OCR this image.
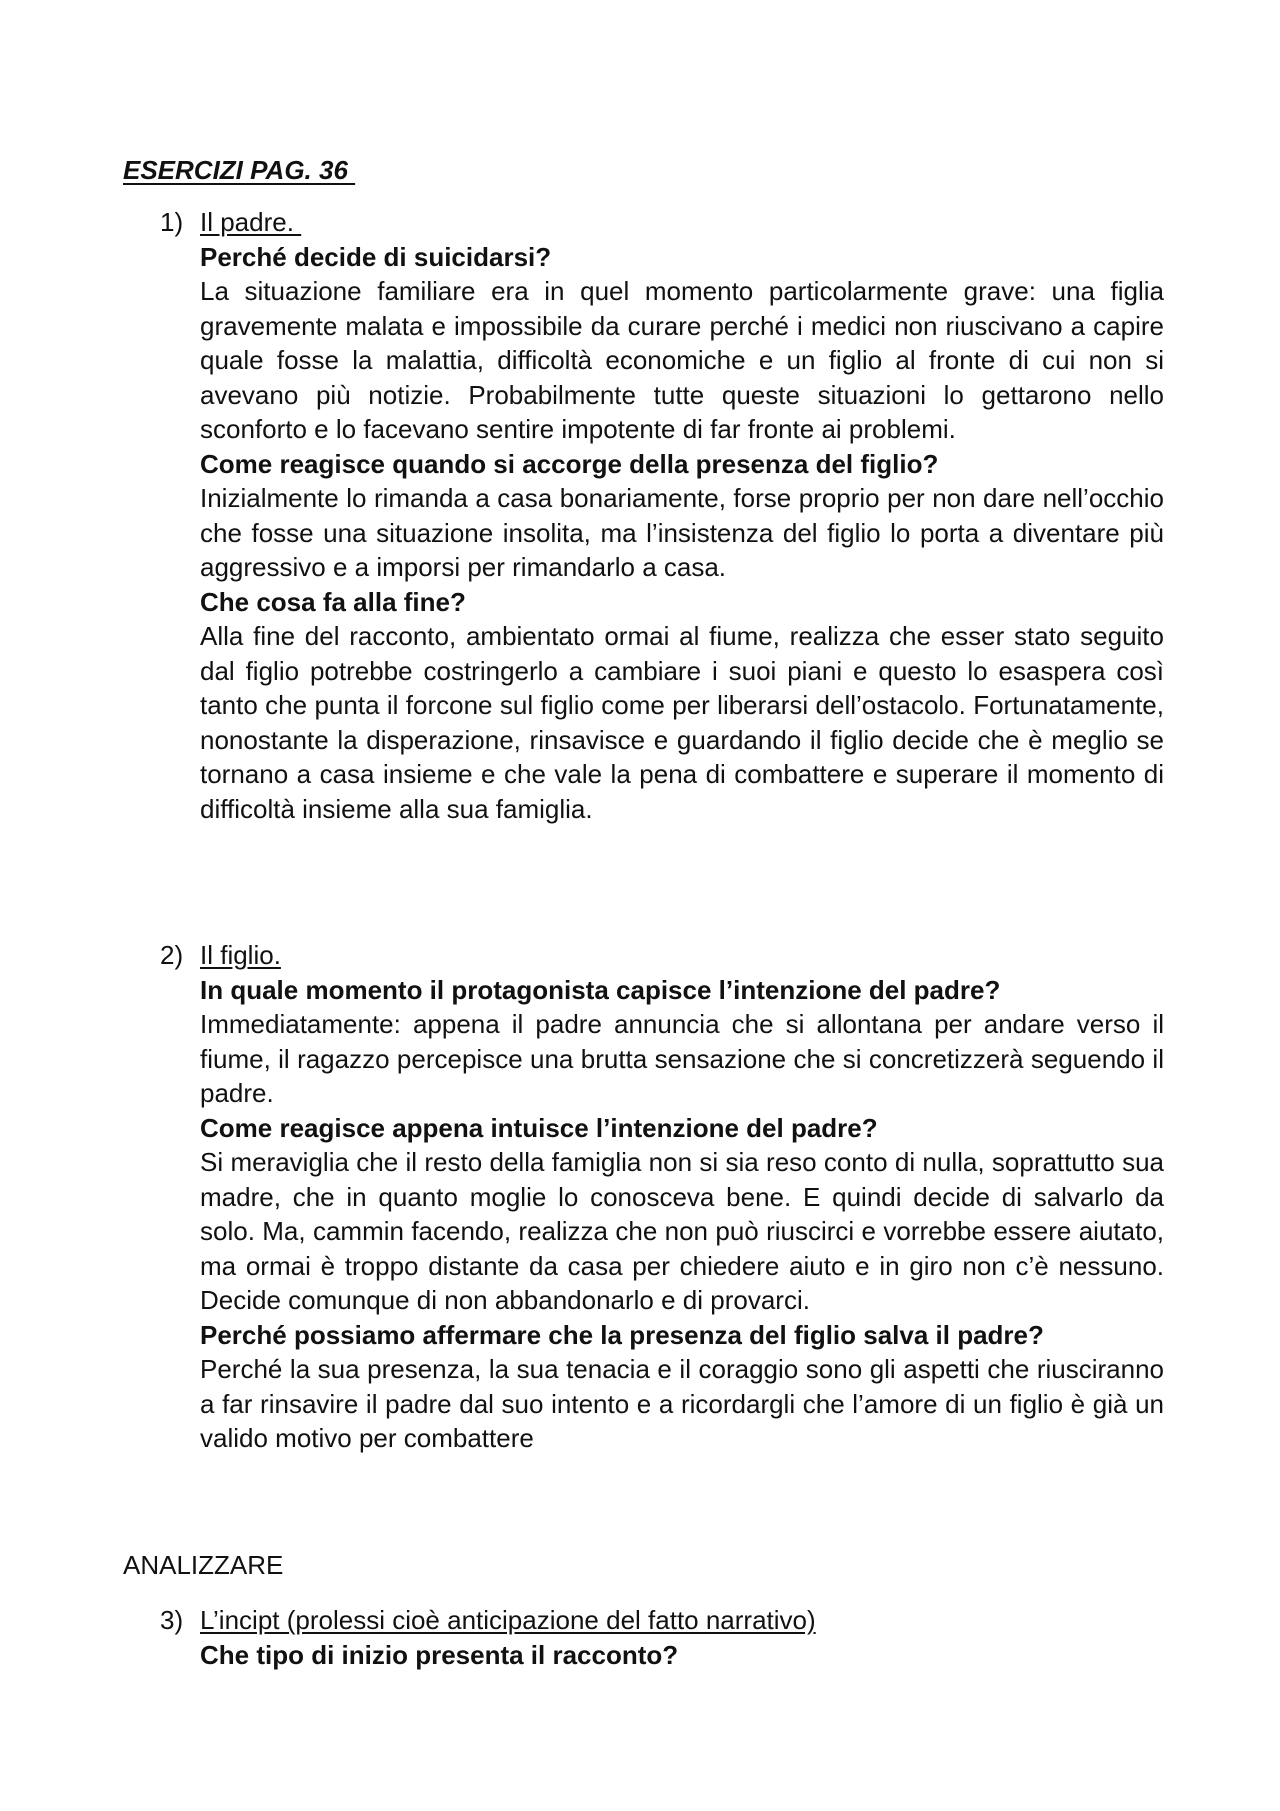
ESERCIZI PAG. 36
1) Il padre.
Perché decide di suicidarsi?

La situazione familiare era in quel momento particolarmente grave: una figlia gravemente malata e impossibile da curare perché i medici non riuscivano a capire quale fosse la malattia, difficoltà economiche e un figlio al fronte di cui non si avevano più notizie. Probabilmente tutte queste situazioni lo gettarono nello sconforto e lo facevano sentire impotente di far fronte ai problemi.

Come reagisce quando si accorge della presenza del figlio?

Inizialmente lo rimanda a casa bonariamente, forse proprio per non dare nell’occhio che fosse una situazione insolita, ma l’insistenza del figlio lo porta a diventare più aggressivo e a imporsi per rimandarlo a casa.

Che cosa fa alla fine?

Alla fine del racconto, ambientato ormai al fiume, realizza che esser stato seguito dal figlio potrebbe costringerlo a cambiare i suoi piani e questo lo esaspera così tanto che punta il forcone sul figlio come per liberarsi dell’ostacolo. Fortunatamente, nonostante la disperazione, rinsavisce e guardando il figlio decide che è meglio se tornano a casa insieme e che vale la pena di combattere e superare il momento di difficoltà insieme alla sua famiglia.

2) Il figlio.
In quale momento il protagonista capisce l’intenzione del padre?

Immediatamente: appena il padre annuncia che si allontana per andare verso il fiume, il ragazzo percepisce una brutta sensazione che si concretizzerà seguendo il padre.

Come reagisce appena intuisce l’intenzione del padre?

Si meraviglia che il resto della famiglia non si sia reso conto di nulla, soprattutto sua madre, che in quanto moglie lo conosceva bene. E quindi decide di salvarlo da solo. Ma, cammin facendo, realizza che non può riuscirci e vorrebbe essere aiutato, ma ormai è troppo distante da casa per chiedere aiuto e in giro non c’è nessuno. Decide comunque di non abbandonarlo e di provarci.

Perché possiamo affermare che la presenza del figlio salva il padre?

Perché la sua presenza, la sua tenacia e il coraggio sono gli aspetti che riusciranno a far rinsavire il padre dal suo intento e a ricordargli che l’amore di un figlio è già un valido motivo per combattere

ANALIZZARE
3) L’incipt (prolessi cioè anticipazione del fatto narrativo)
Che tipo di inizio presenta il racconto?
